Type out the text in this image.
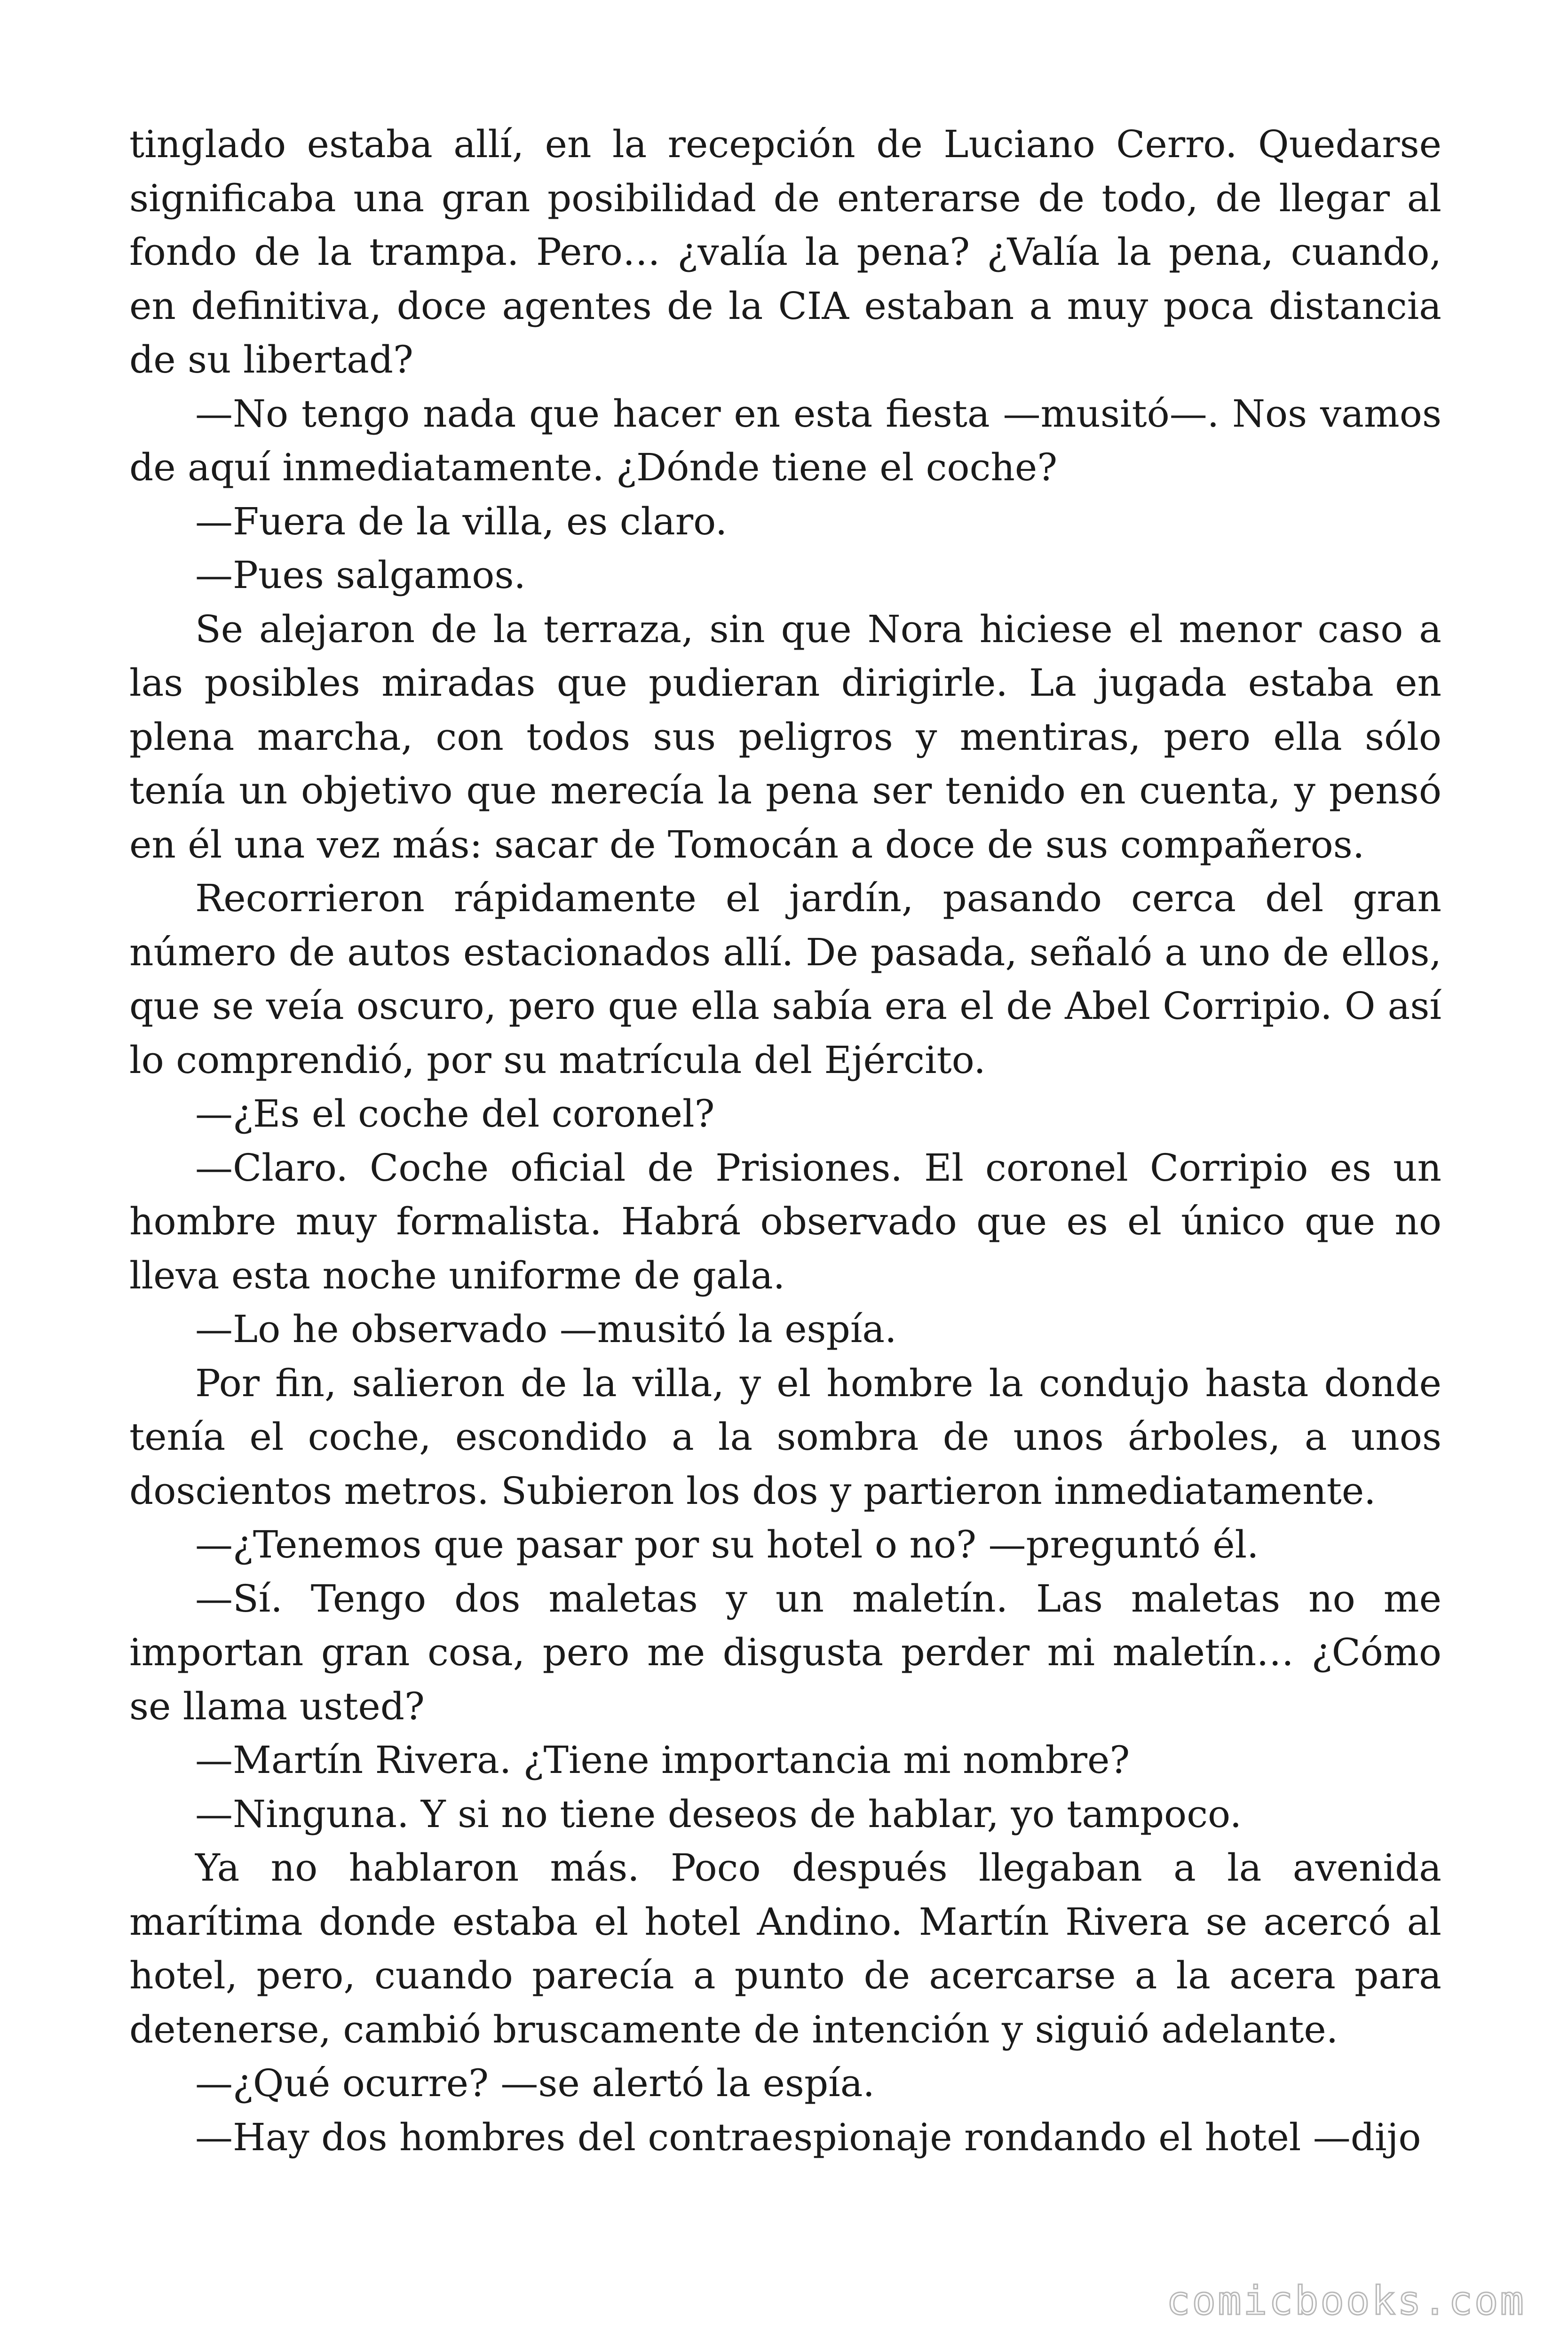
tinglado estaba allí, en la recepción de Luciano Cerro. Quedarse significaba una gran posibilidad de enterarse de todo, de llegar al fondo de la trampa. Pero… ¿valía la pena? ¿Valía la pena, cuando, en definitiva, doce agentes de la CIA estaban a muy poca distancia de su libertad?

—No tengo nada que hacer en esta fiesta —musitó—. Nos vamos de aquí inmediatamente. ¿Dónde tiene el coche?

—Fuera de la villa, es claro.

—Pues salgamos.

Se alejaron de la terraza, sin que Nora hiciese el menor caso a las posibles miradas que pudieran dirigirle. La jugada estaba en plena marcha, con todos sus peligros y mentiras, pero ella sólo tenía un objetivo que merecía la pena ser tenido en cuenta, y pensó en él una vez más: sacar de Tomocán a doce de sus compañeros.

Recorrieron rápidamente el jardín, pasando cerca del gran número de autos estacionados allí. De pasada, señaló a uno de ellos, que se veía oscuro, pero que ella sabía era el de Abel Corripio. O así lo comprendió, por su matrícula del Ejército.

—¿Es el coche del coronel?

—Claro. Coche oficial de Prisiones. El coronel Corripio es un hombre muy formalista. Habrá observado que es el único que no lleva esta noche uniforme de gala.

—Lo he observado —musitó la espía.

Por fin, salieron de la villa, y el hombre la condujo hasta donde tenía el coche, escondido a la sombra de unos árboles, a unos doscientos metros. Subieron los dos y partieron inmediatamente.

—¿Tenemos que pasar por su hotel o no? —preguntó él.

—Sí. Tengo dos maletas y un maletín. Las maletas no me importan gran cosa, pero me disgusta perder mi maletín… ¿Cómo se llama usted?

—Martín Rivera. ¿Tiene importancia mi nombre?

—Ninguna. Y si no tiene deseos de hablar, yo tampoco.

Ya no hablaron más. Poco después llegaban a la avenida marítima donde estaba el hotel Andino. Martín Rivera se acercó al hotel, pero, cuando parecía a punto de acercarse a la acera para detenerse, cambió bruscamente de intención y siguió adelante.

—¿Qué ocurre? —se alertó la espía.

—Hay dos hombres del contraespionaje rondando el hotel —dijo

comicbooks.com
